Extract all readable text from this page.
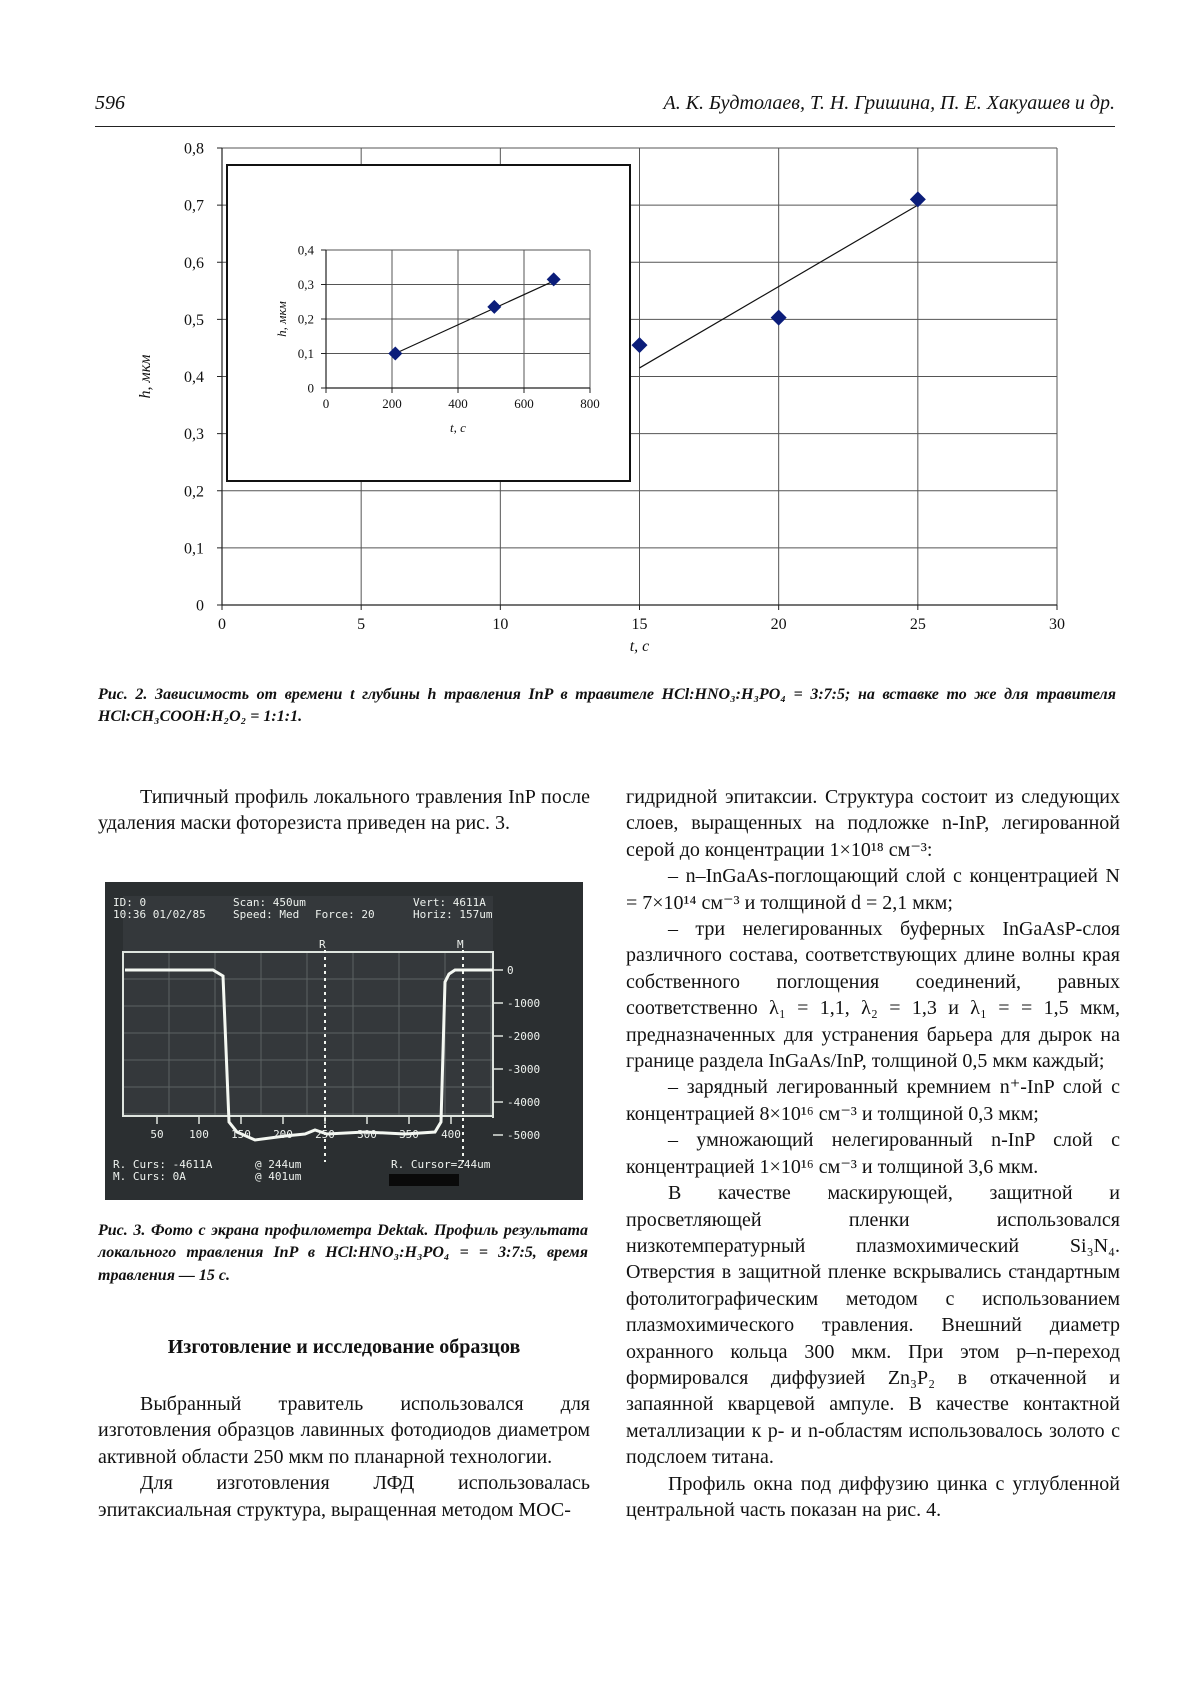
596	А. К. Будтолаев, Т. Н. Гришина, П. Е. Хакуашев и др.
0	5	10	15	20	25	30
0
0,1
0,2
0,3
0,4
0,5
0,6
0,7
0,8
t, с
h, мкм
0	200	400	600	800
0
0,1
0,2
0,3
0,4
t, с
h, мкм
Рис. 2. Зависимость от времени t глубины h травления InP в травителе HCl:HNO₃:H₃PO₄ = 3:7:5; на вставке то же для травителя HCl:CH₃COOH:H₂O₂ = 1:1:1.

Типичный профиль локального травления InP после удаления маски фоторезиста приведен на рис. 3.

ID: 0
10:36 01/02/85
Scan: 450um
Speed: Med Force: 20
Vert: 4611A
Horiz: 157um
R	M
0
-1000
-2000
-3000
-4000
-5000
50 100 150 200 250 300 350 400
R. Curs: -4611A
M. Curs: 0A
@ 244um
@ 401um
R. Cursor=244um
Рис. 3. Фото с экрана профилометра Dektak. Профиль результата локального травления InP в HCl:HNO₃:H₃PO₄ = = 3:7:5, время травления — 15 с.
Изготовление и исследование образцов

Выбранный травитель использовался для изготовления образцов лавинных фотодиодов диаметром активной области 250 мкм по планарной технологии.

Для изготовления ЛФД использовалась эпитаксиальная структура, выращенная методом МОС-

гидридной эпитаксии. Структура состоит из следующих слоев, выращенных на подложке n-InP, легированной серой до концентрации 1×10¹⁸ см⁻³:

– n–InGaAs-поглощающий слой с концентрацией N = 7×10¹⁴ см⁻³ и толщиной d = 2,1 мкм;

– три нелегированных буферных InGaAsP-слоя различного состава, соответствующих длине волны края собственного поглощения соединений, равных соответственно λ₁ = 1,1, λ₂ = 1,3 и λ₁ = = 1,5 мкм, предназначенных для устранения барьера для дырок на границе раздела InGaAs/InP, толщиной 0,5 мкм каждый;

– зарядный легированный кремнием n⁺-InP слой с концентрацией 8×10¹⁶ см⁻³ и толщиной 0,3 мкм;

– умножающий нелегированный n-InP слой с концентрацией 1×10¹⁶ см⁻³ и толщиной 3,6 мкм.

В качестве маскирующей, защитной и просветляющей пленки использовался низкотемпературный плазмохимический Si₃N₄. Отверстия в защитной пленке вскрывались стандартным фотолитографическим методом с использованием плазмохимического травления. Внешний диаметр охранного кольца 300 мкм. При этом p–n-переход формировался диффузией Zn₃P₂ в откаченной и запаянной кварцевой ампуле. В качестве контактной металлизации к p- и n-областям использовалось золото с подслоем титана.

Профиль окна под диффузию цинка с углубленной центральной часть показан на рис. 4.
